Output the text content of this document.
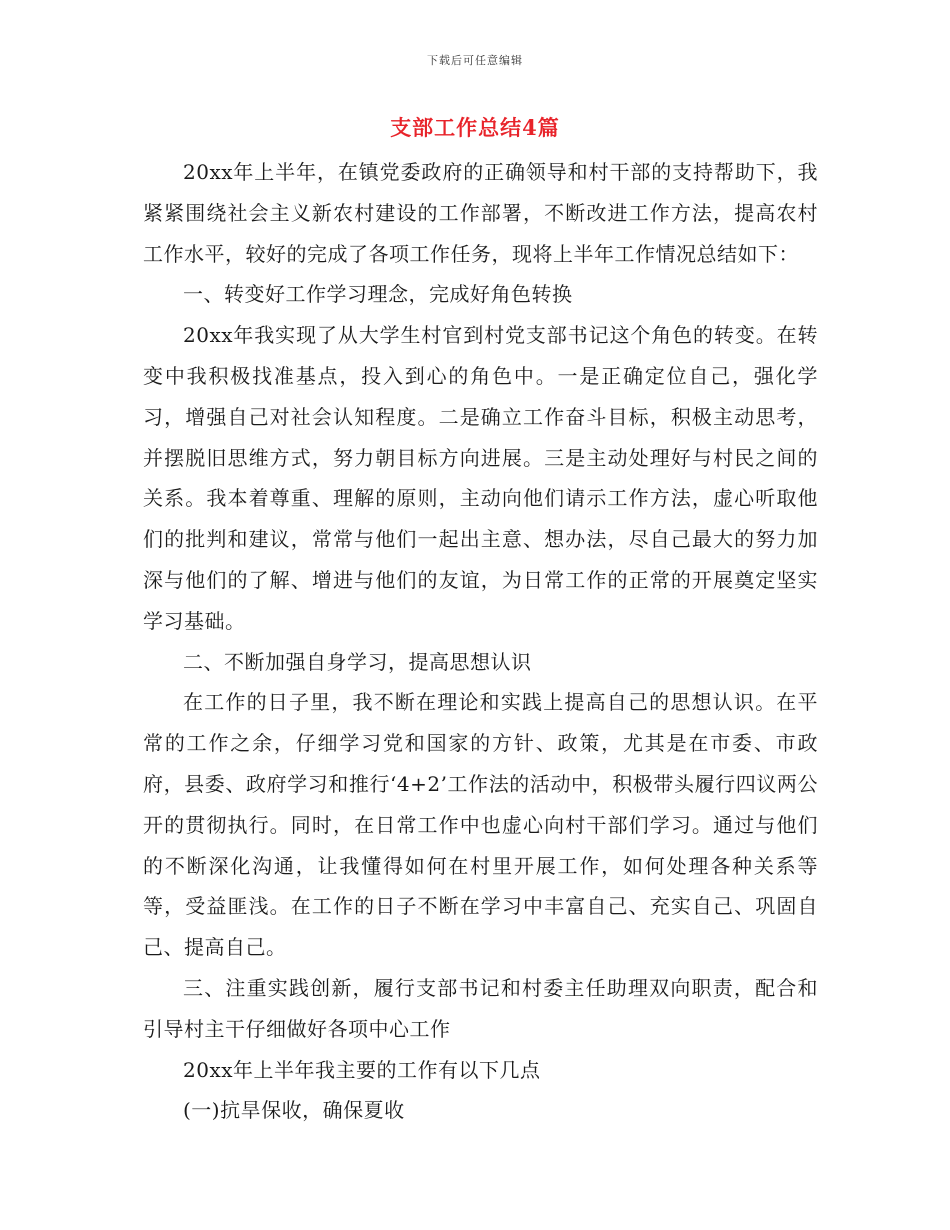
下载后可任意编辑
支部工作总结4篇

20xx年上半年，在镇党委政府的正确领导和村干部的支持帮助下，我紧紧围绕社会主义新农村建设的工作部署，不断改进工作方法，提高农村工作水平，较好的完成了各项工作任务，现将上半年工作情况总结如下：

一、转变好工作学习理念，完成好角色转换

20xx年我实现了从大学生村官到村党支部书记这个角色的转变。在转变中我积极找准基点，投入到心的角色中。一是正确定位自己，强化学习，增强自己对社会认知程度。二是确立工作奋斗目标，积极主动思考，并摆脱旧思维方式，努力朝目标方向进展。三是主动处理好与村民之间的关系。我本着尊重、理解的原则，主动向他们请示工作方法，虚心听取他们的批判和建议，常常与他们一起出主意、想办法，尽自己最大的努力加深与他们的了解、增进与他们的友谊，为日常工作的正常的开展奠定坚实学习基础。

二、不断加强自身学习，提高思想认识

在工作的日子里，我不断在理论和实践上提高自己的思想认识。在平常的工作之余，仔细学习党和国家的方针、政策，尤其是在市委、市政府，县委、政府学习和推行‘4+2’工作法的活动中，积极带头履行四议两公开的贯彻执行。同时，在日常工作中也虚心向村干部们学习。通过与他们的不断深化沟通，让我懂得如何在村里开展工作，如何处理各种关系等等，受益匪浅。在工作的日子不断在学习中丰富自己、充实自己、巩固自己、提高自己。

三、注重实践创新，履行支部书记和村委主任助理双向职责，配合和引导村主干仔细做好各项中心工作

20xx年上半年我主要的工作有以下几点

(一)抗旱保收，确保夏收
